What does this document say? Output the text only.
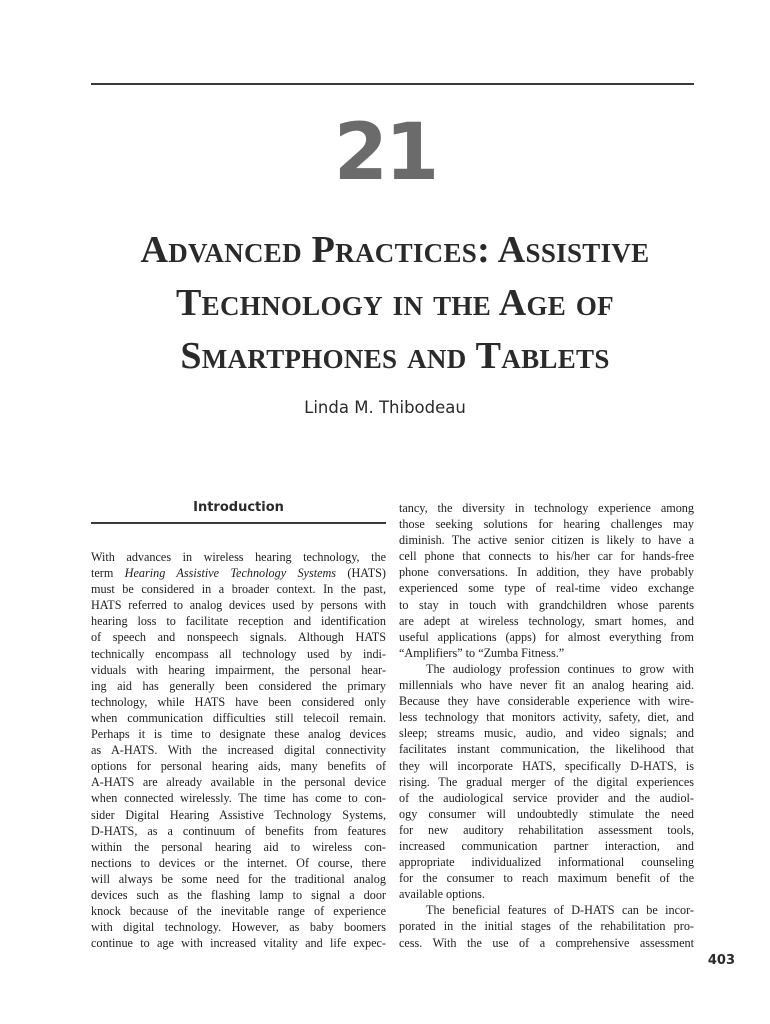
21
Advanced Practices: Assistive
Technology in the Age of
Smartphones and Tablets
Linda M. Thibodeau
Introduction
With advances in wireless hearing technology, the
term Hearing Assistive Technology Systems (HATS)
must be considered in a broader context. In the past,
HATS referred to analog devices used by persons with
hearing loss to facilitate reception and identification
of speech and nonspeech signals. Although HATS
technically encompass all technology used by indi-
viduals with hearing impairment, the personal hear-
ing aid has generally been considered the primary
technology, while HATS have been considered only
when communication difficulties still telecoil remain.
Perhaps it is time to designate these analog devices
as A-HATS. With the increased digital connectivity
options for personal hearing aids, many benefits of
A-HATS are already available in the personal device
when connected wirelessly. The time has come to con-
sider Digital Hearing Assistive Technology Systems,
D-HATS, as a continuum of benefits from features
within the personal hearing aid to wireless con-
nections to devices or the internet. Of course, there
will always be some need for the traditional analog
devices such as the flashing lamp to signal a door
knock because of the inevitable range of experience
with digital technology. However, as baby boomers
continue to age with increased vitality and life expec-
tancy, the diversity in technology experience among
those seeking solutions for hearing challenges may
diminish. The active senior citizen is likely to have a
cell phone that connects to his/her car for hands-free
phone conversations. In addition, they have probably
experienced some type of real-time video exchange
to stay in touch with grandchildren whose parents
are adept at wireless technology, smart homes, and
useful applications (apps) for almost everything from
“Amplifiers” to “Zumba Fitness.”
The audiology profession continues to grow with
millennials who have never fit an analog hearing aid.
Because they have considerable experience with wire-
less technology that monitors activity, safety, diet, and
sleep; streams music, audio, and video signals; and
facilitates instant communication, the likelihood that
they will incorporate HATS, specifically D-HATS, is
rising. The gradual merger of the digital experiences
of the audiological service provider and the audiol-
ogy consumer will undoubtedly stimulate the need
for new auditory rehabilitation assessment tools,
increased communication partner interaction, and
appropriate individualized informational counseling
for the consumer to reach maximum benefit of the
available options.
The beneficial features of D-HATS can be incor-
porated in the initial stages of the rehabilitation pro-
cess. With the use of a comprehensive assessment
403
